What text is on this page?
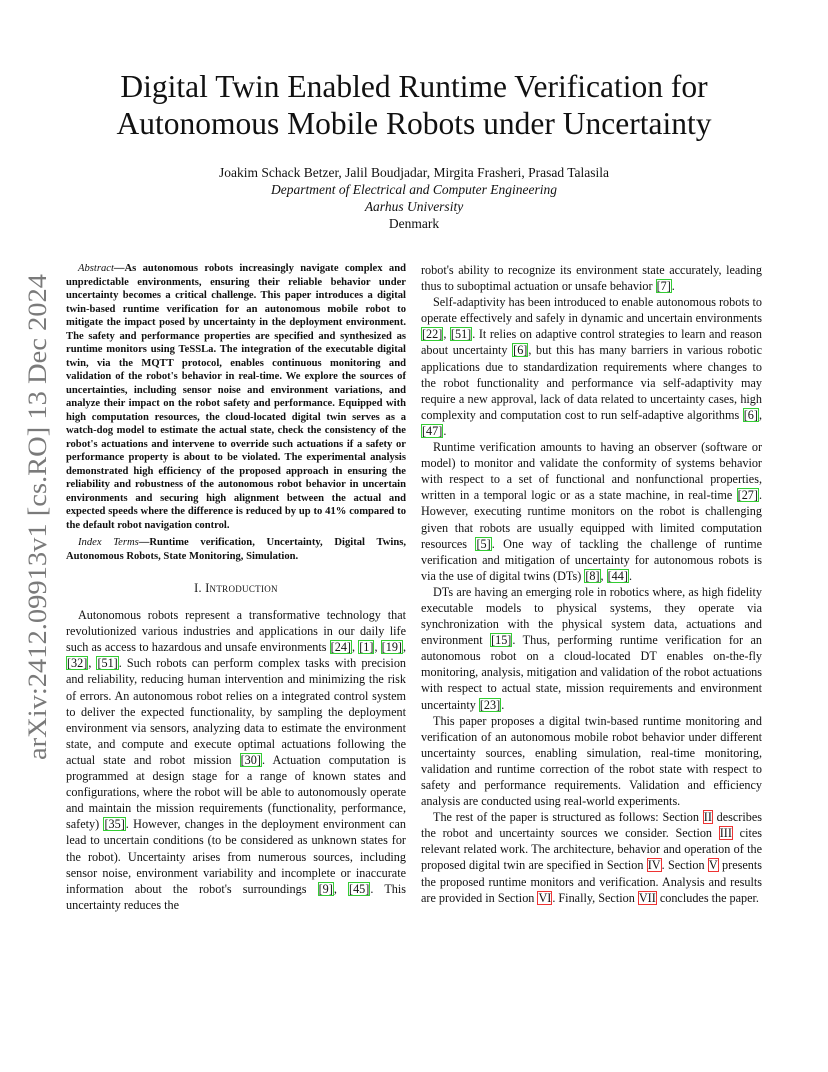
arXiv:2412.09913v1 [cs.RO] 13 Dec 2024
Digital Twin Enabled Runtime Verification for
Autonomous Mobile Robots under Uncertainty
Joakim Schack Betzer, Jalil Boudjadar, Mirgita Frasheri, Prasad Talasila
Department of Electrical and Computer Engineering
Aarhus University
Denmark

Abstract—As autonomous robots increasingly navigate complex and unpredictable environments, ensuring their reliable behavior under uncertainty becomes a critical challenge. This paper introduces a digital twin-based runtime verification for an autonomous mobile robot to mitigate the impact posed by uncertainty in the deployment environment. The safety and performance properties are specified and synthesized as runtime monitors using TeSSLa. The integration of the executable digital twin, via the MQTT protocol, enables continuous monitoring and validation of the robot's behavior in real-time. We explore the sources of uncertainties, including sensor noise and environment variations, and analyze their impact on the robot safety and performance. Equipped with high computation resources, the cloud-located digital twin serves as a watch-dog model to estimate the actual state, check the consistency of the robot's actuations and intervene to override such actuations if a safety or performance property is about to be violated. The experimental analysis demonstrated high efficiency of the proposed approach in ensuring the reliability and robustness of the autonomous robot behavior in uncertain environments and securing high alignment between the actual and expected speeds where the difference is reduced by up to 41% compared to the default robot navigation control.

Index Terms—Runtime verification, Uncertainty, Digital Twins, Autonomous Robots, State Monitoring, Simulation.

I. Introduction

Autonomous robots represent a transformative technology that revolutionized various industries and applications in our daily life such as access to hazardous and unsafe environments [24], [1], [19], [32], [51]. Such robots can perform complex tasks with precision and reliability, reducing human intervention and minimizing the risk of errors. An autonomous robot relies on a integrated control system to deliver the expected functionality, by sampling the deployment environment via sensors, analyzing data to estimate the environment state, and compute and execute optimal actuations following the actual state and robot mission [30]. Actuation computation is programmed at design stage for a range of known states and configurations, where the robot will be able to autonomously operate and maintain the mission requirements (functionality, performance, safety) [35]. However, changes in the deployment environment can lead to uncertain conditions (to be considered as unknown states for the robot). Uncertainty arises from numerous sources, including sensor noise, environment variability and incomplete or inaccurate information about the robot's surroundings [9], [45]. This uncertainty reduces the

robot's ability to recognize its environment state accurately, leading thus to suboptimal actuation or unsafe behavior [7].

Self-adaptivity has been introduced to enable autonomous robots to operate effectively and safely in dynamic and uncertain environments [22], [51]. It relies on adaptive control strategies to learn and reason about uncertainty [6], but this has many barriers in various robotic applications due to standardization requirements where changes to the robot functionality and performance via self-adaptivity may require a new approval, lack of data related to uncertainty cases, high complexity and computation cost to run self-adaptive algorithms [6], [47].

Runtime verification amounts to having an observer (software or model) to monitor and validate the conformity of systems behavior with respect to a set of functional and nonfunctional properties, written in a temporal logic or as a state machine, in real-time [27]. However, executing runtime monitors on the robot is challenging given that robots are usually equipped with limited computation resources [5]. One way of tackling the challenge of runtime verification and mitigation of uncertainty for autonomous robots is via the use of digital twins (DTs) [8], [44].

DTs are having an emerging role in robotics where, as high fidelity executable models to physical systems, they operate via synchronization with the physical system data, actuations and environment [15]. Thus, performing runtime verification for an autonomous robot on a cloud-located DT enables on-the-fly monitoring, analysis, mitigation and validation of the robot actuations with respect to actual state, mission requirements and environment uncertainty [23].

This paper proposes a digital twin-based runtime monitoring and verification of an autonomous mobile robot behavior under different uncertainty sources, enabling simulation, real-time monitoring, validation and runtime correction of the robot state with respect to safety and performance requirements. Validation and efficiency analysis are conducted using real-world experiments.

The rest of the paper is structured as follows: Section II describes the robot and uncertainty sources we consider. Section III cites relevant related work. The architecture, behavior and operation of the proposed digital twin are specified in Section IV. Section V presents the proposed runtime monitors and verification. Analysis and results are provided in Section VI. Finally, Section VII concludes the paper.
